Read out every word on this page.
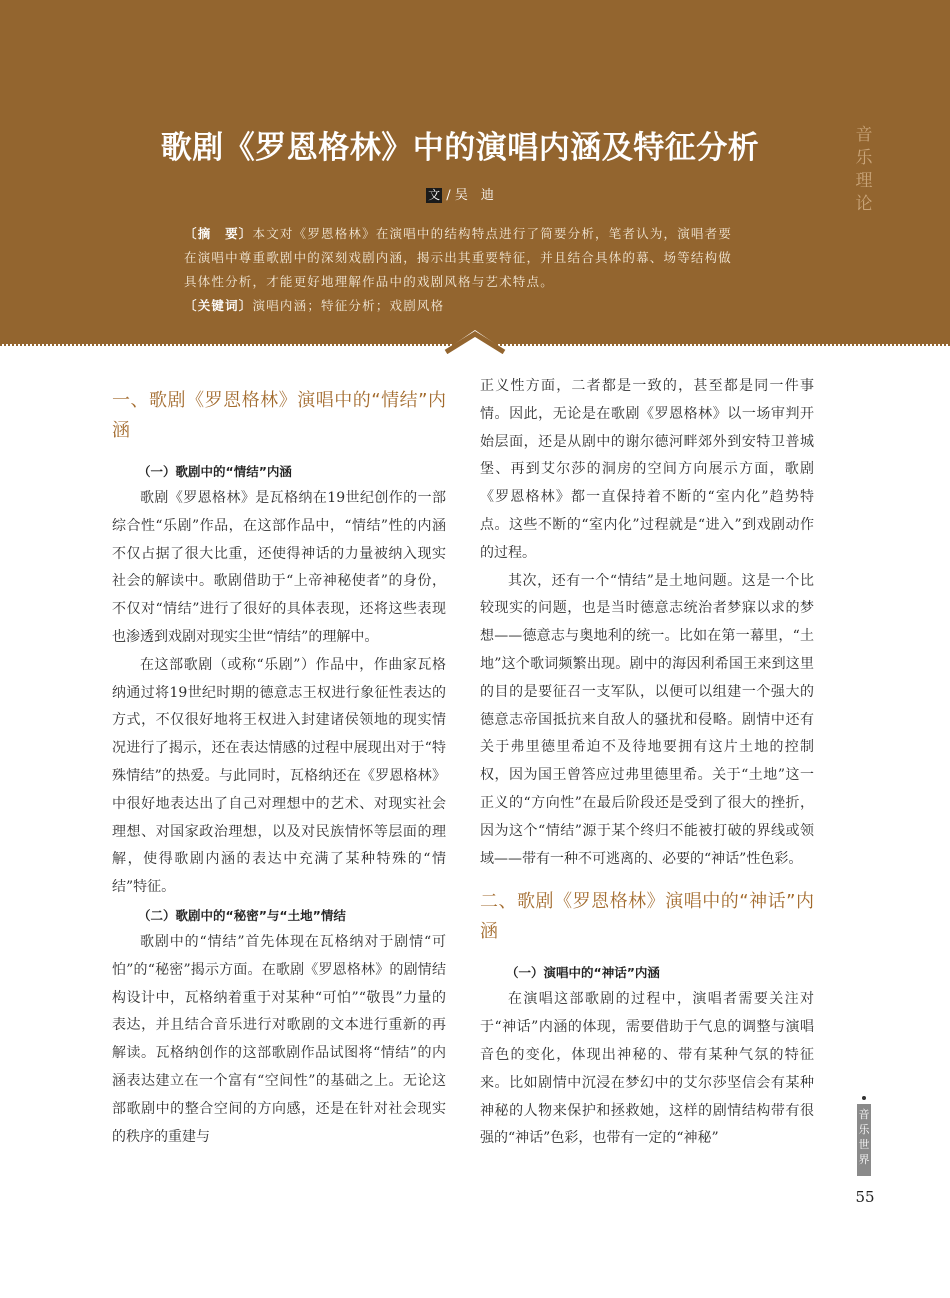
歌剧《罗恩格林》中的演唱内涵及特征分析
文 / 吴　迪
〔摘　要〕本文对《罗恩格林》在演唱中的结构特点进行了简要分析，笔者认为，演唱者要在演唱中尊重歌剧中的深刻戏剧内涵，揭示出其重要特征，并且结合具体的幕、场等结构做具体性分析，才能更好地理解作品中的戏剧风格与艺术特点。
〔关键词〕演唱内涵；特征分析；戏剧风格
音
乐
理
论
一、歌剧《罗恩格林》演唱中的“情结”内涵
（一）歌剧中的“情结”内涵

歌剧《罗恩格林》是瓦格纳在19世纪创作的一部综合性“乐剧”作品，在这部作品中，“情结”性的内涵不仅占据了很大比重，还使得神话的力量被纳入现实社会的解读中。歌剧借助于“上帝神秘使者”的身份，不仅对“情结”进行了很好的具体表现，还将这些表现也渗透到戏剧对现实尘世“情结”的理解中。

在这部歌剧（或称“乐剧”）作品中，作曲家瓦格纳通过将19世纪时期的德意志王权进行象征性表达的方式，不仅很好地将王权进入封建诸侯领地的现实情况进行了揭示，还在表达情感的过程中展现出对于“特殊情结”的热爱。与此同时，瓦格纳还在《罗恩格林》中很好地表达出了自己对理想中的艺术、对现实社会理想、对国家政治理想，以及对民族情怀等层面的理解，使得歌剧内涵的表达中充满了某种特殊的“情结”特征。

（二）歌剧中的“秘密”与“土地”情结

歌剧中的“情结”首先体现在瓦格纳对于剧情“可怕”的“秘密”揭示方面。在歌剧《罗恩格林》的剧情结构设计中，瓦格纳着重于对某种“可怕”“敬畏”力量的表达，并且结合音乐进行对歌剧的文本进行重新的再解读。瓦格纳创作的这部歌剧作品试图将“情结”的内涵表达建立在一个富有“空间性”的基础之上。无论这部歌剧中的整合空间的方向感，还是在针对社会现实的秩序的重建与

正义性方面，二者都是一致的，甚至都是同一件事情。因此，无论是在歌剧《罗恩格林》以一场审判开始层面，还是从剧中的谢尔德河畔郊外到安特卫普城堡、再到艾尔莎的洞房的空间方向展示方面，歌剧《罗恩格林》都一直保持着不断的“室内化”趋势特点。这些不断的“室内化”过程就是“进入”到戏剧动作的过程。

其次，还有一个“情结”是土地问题。这是一个比较现实的问题，也是当时德意志统治者梦寐以求的梦想——德意志与奥地利的统一。比如在第一幕里，“土地”这个歌词频繁出现。剧中的海因利希国王来到这里的目的是要征召一支军队，以便可以组建一个强大的德意志帝国抵抗来自敌人的骚扰和侵略。剧情中还有关于弗里德里希迫不及待地要拥有这片土地的控制权，因为国王曾答应过弗里德里希。关于“土地”这一正义的“方向性”在最后阶段还是受到了很大的挫折，因为这个“情结”源于某个终归不能被打破的界线或领域——带有一种不可逃离的、必要的“神话”性色彩。

二、歌剧《罗恩格林》演唱中的“神话”内涵
（一）演唱中的“神话”内涵

在演唱这部歌剧的过程中，演唱者需要关注对于“神话”内涵的体现，需要借助于气息的调整与演唱音色的变化，体现出神秘的、带有某种气氛的特征来。比如剧情中沉浸在梦幻中的艾尔莎坚信会有某种神秘的人物来保护和拯救她，这样的剧情结构带有很强的“神话”色彩，也带有一定的“神秘”

音
乐
世
界
55
